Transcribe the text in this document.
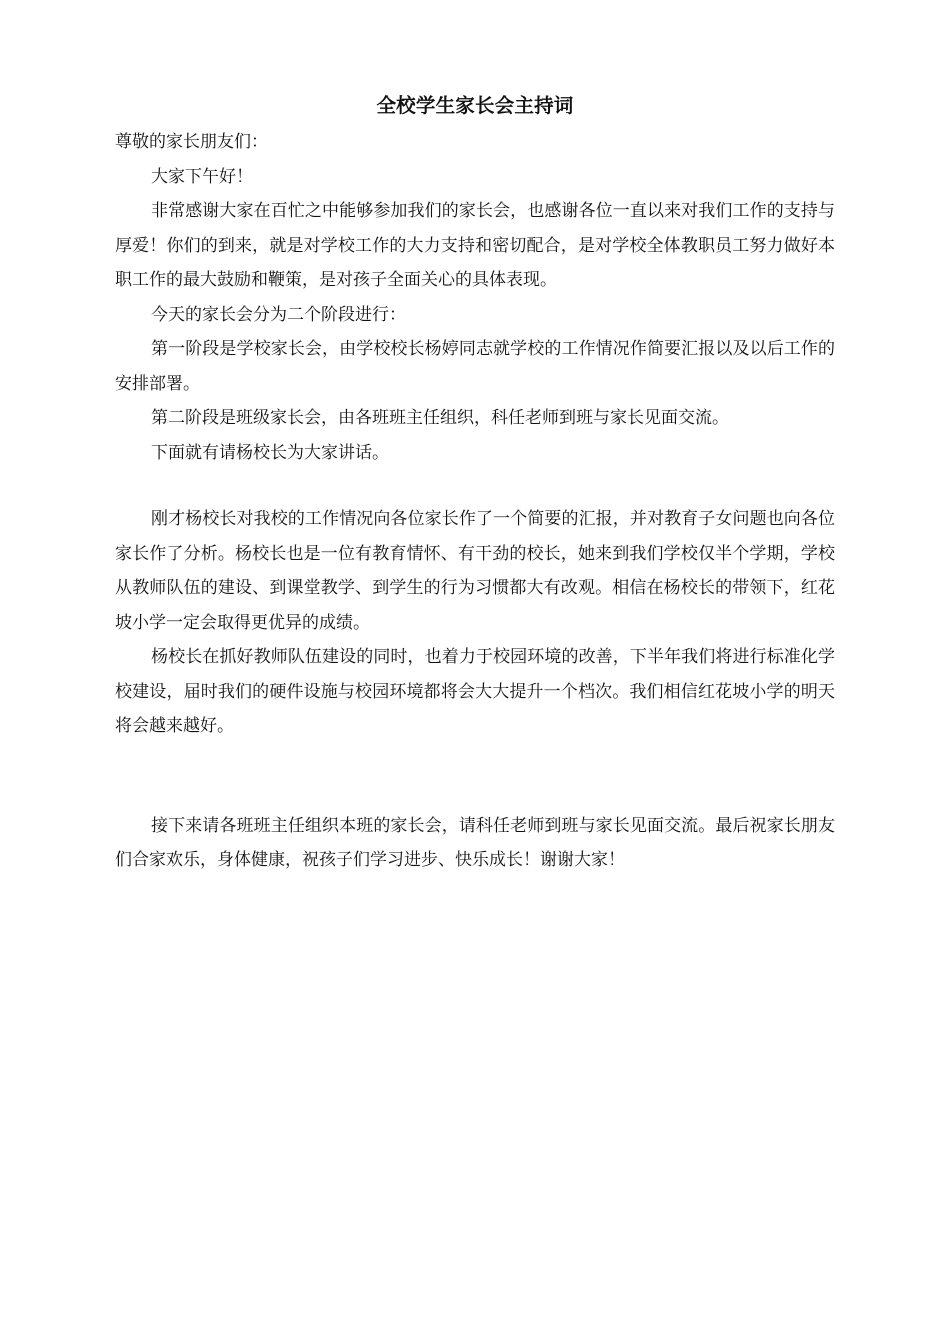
全校学生家长会主持词

尊敬的家长朋友们：

大家下午好！

非常感谢大家在百忙之中能够参加我们的家长会，也感谢各位一直以来对我们工作的支持与厚爱！你们的到来，就是对学校工作的大力支持和密切配合，是对学校全体教职员工努力做好本职工作的最大鼓励和鞭策，是对孩子全面关心的具体表现。

今天的家长会分为二个阶段进行：

第一阶段是学校家长会，由学校校长杨婷同志就学校的工作情况作简要汇报以及以后工作的安排部署。

第二阶段是班级家长会，由各班班主任组织，科任老师到班与家长见面交流。

下面就有请杨校长为大家讲话。

刚才杨校长对我校的工作情况向各位家长作了一个简要的汇报，并对教育子女问题也向各位家长作了分析。杨校长也是一位有教育情怀、有干劲的校长，她来到我们学校仅半个学期，学校从教师队伍的建设、到课堂教学、到学生的行为习惯都大有改观。相信在杨校长的带领下，红花坡小学一定会取得更优异的成绩。

杨校长在抓好教师队伍建设的同时，也着力于校园环境的改善，下半年我们将进行标准化学校建设，届时我们的硬件设施与校园环境都将会大大提升一个档次。我们相信红花坡小学的明天将会越来越好。

接下来请各班班主任组织本班的家长会，请科任老师到班与家长见面交流。最后祝家长朋友们合家欢乐，身体健康，祝孩子们学习进步、快乐成长！谢谢大家！
